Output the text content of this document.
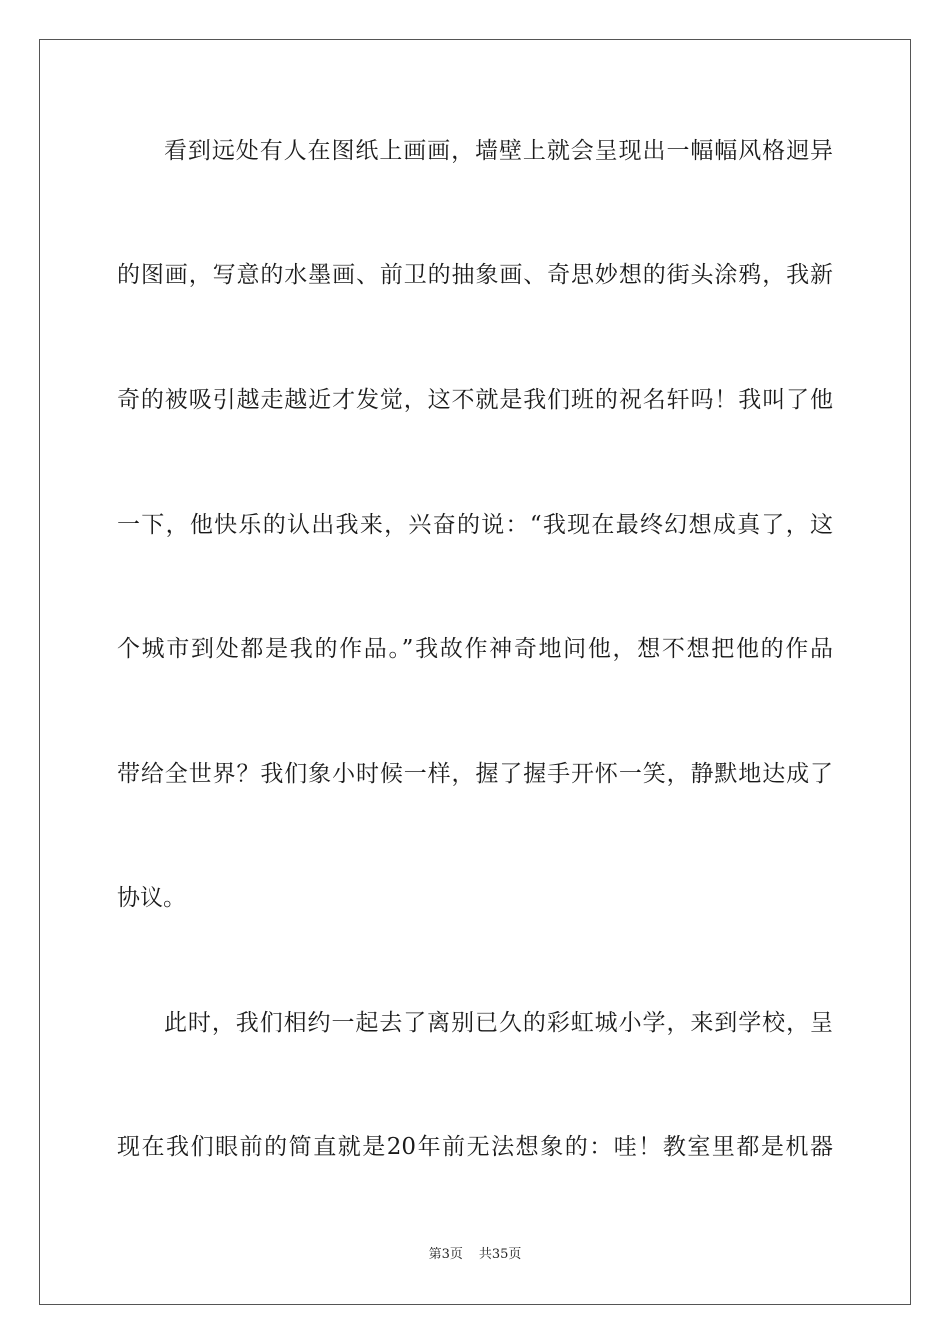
看到远处有人在图纸上画画，墙壁上就会呈现出一幅幅风格迥异
的图画，写意的水墨画、前卫的抽象画、奇思妙想的街头涂鸦，我新
奇的被吸引越走越近才发觉，这不就是我们班的祝名轩吗！我叫了他
一下，他快乐的认出我来，兴奋的说：“我现在最终幻想成真了，这
个城市到处都是我的作品。”我故作神奇地问他，想不想把他的作品
带给全世界？我们象小时候一样，握了握手开怀一笑，静默地达成了
协议。
此时，我们相约一起去了离别已久的彩虹城小学，来到学校，呈
现在我们眼前的简直就是20年前无法想象的：哇！教室里都是机器
第3页 共35页
